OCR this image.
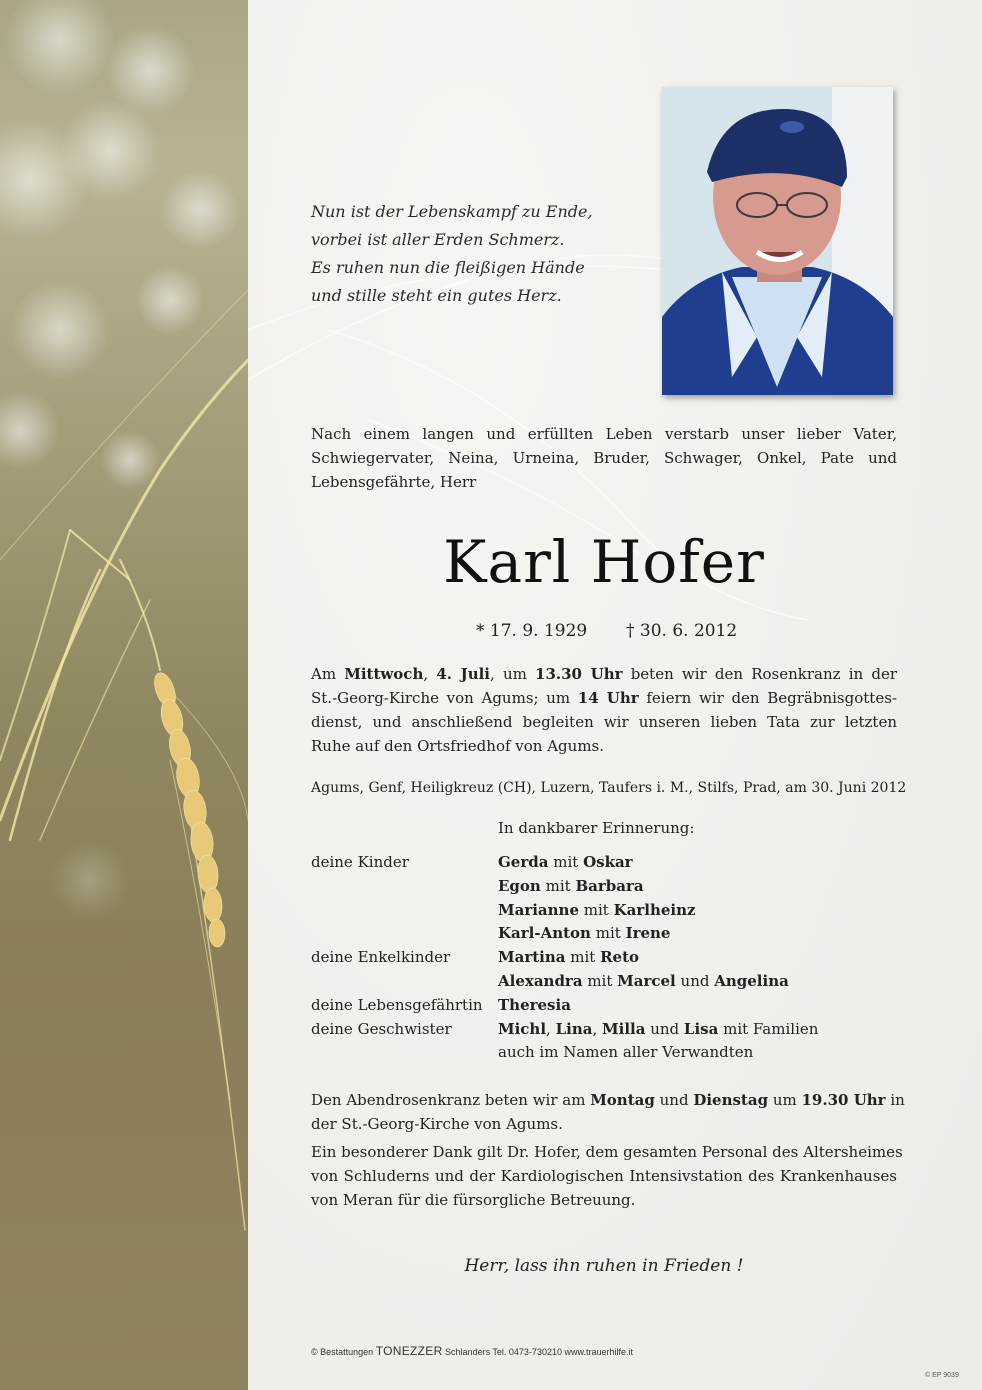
Nun ist der Lebenskampf zu Ende,
vorbei ist aller Erden Schmerz.
Es ruhen nun die fleißigen Hände
und stille steht ein gutes Herz.
Nach einem langen und erfüllten Leben verstarb unser lieber Vater, Schwiegervater, Neina, Urneina, Bruder, Schwager, Onkel, Pate und Lebensgefährte, Herr
Karl Hofer
* 17. 9. 1929 † 30. 6. 2012
Am Mittwoch, 4. Juli, um 13.30 Uhr beten wir den Rosenkranz in der
St.-Georg-Kirche von Agums; um 14 Uhr feiern wir den Begräbnisgottes-
dienst, und anschließend begleiten wir unseren lieben Tata zur letzten
Ruhe auf den Ortsfriedhof von Agums.
Agums, Genf, Heiligkreuz (CH), Luzern, Taufers i. M., Stilfs, Prad, am 30. Juni 2012
In dankbarer Erinnerung:
deine Kinder	Gerda mit Oskar
Egon mit Barbara
Marianne mit Karlheinz
Karl-Anton mit Irene
deine Enkelkinder	Martina mit Reto
Alexandra mit Marcel und Angelina
deine Lebensgefährtin Theresia
deine Geschwister	Michl, Lina, Milla und Lisa mit Familien
auch im Namen aller Verwandten
Den Abendrosenkranz beten wir am Montag und Dienstag um 19.30 Uhr in
der St.-Georg-Kirche von Agums.
Ein besonderer Dank gilt Dr. Hofer, dem gesamten Personal des Altersheimes
von Schluderns und der Kardiologischen Intensivstation des Krankenhauses
von Meran für die fürsorgliche Betreuung.
Herr, lass ihn ruhen in Frieden !
© Bestattungen TONEZZER Schlanders Tel. 0473-730210 www.trauerhilfe.it
© EP 9039
